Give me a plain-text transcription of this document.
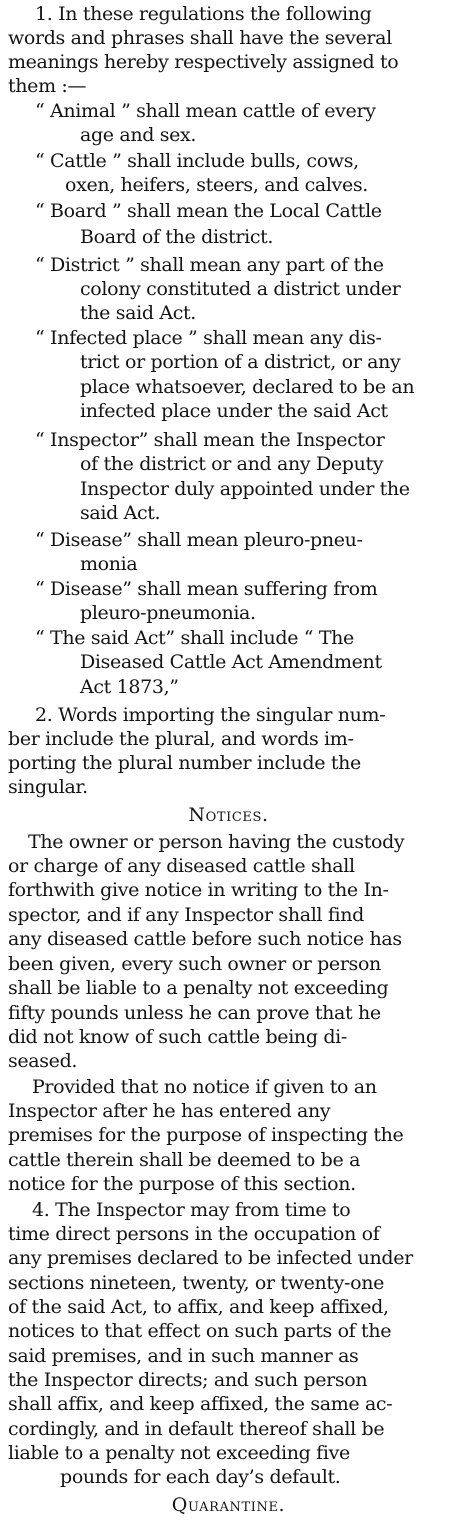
1. In these regulations the following
words and phrases shall have the several
meanings hereby respectively assigned to
them :—
“ Animal ” shall mean cattle of every
age and sex.
“ Cattle ” shall include bulls, cows,
oxen, heifers, steers, and calves.
“ Board ” shall mean the Local Cattle
Board of the district.
“ District ” shall mean any part of the
colony constituted a district under
the said Act.
“ Infected place ” shall mean any dis-
trict or portion of a district, or any
place whatsoever, declared to be an
infected place under the said Act
“ Inspector” shall mean the Inspector
of the district or and any Deputy
Inspector duly appointed under the
said Act.
“ Disease” shall mean pleuro-pneu-
monia
“ Disease” shall mean suffering from
pleuro-pneumonia.
“ The said Act” shall include “ The
Diseased Cattle Act Amendment
Act 1873,”
2. Words importing the singular num-
ber include the plural, and words im-
porting the plural number include the
singular.
Notices.
The owner or person having the custody
or charge of any diseased cattle shall
forthwith give notice in writing to the In-
spector, and if any Inspector shall find
any diseased cattle before such notice has
been given, every such owner or person
shall be liable to a penalty not exceeding
fifty pounds unless he can prove that he
did not know of such cattle being di-
seased.
Provided that no notice if given to an
Inspector after he has entered any
premises for the purpose of inspecting the
cattle therein shall be deemed to be a
notice for the purpose of this section.
4. The Inspector may from time to
time direct persons in the occupation of
any premises declared to be infected under
sections nineteen, twenty, or twenty-one
of the said Act, to affix, and keep affixed,
notices to that effect on such parts of the
said premises, and in such manner as
the Inspector directs; and such person
shall affix, and keep affixed, the same ac-
cordingly, and in default thereof shall be
liable to a penalty not exceeding five
pounds for each day’s default.
Quarantine.
